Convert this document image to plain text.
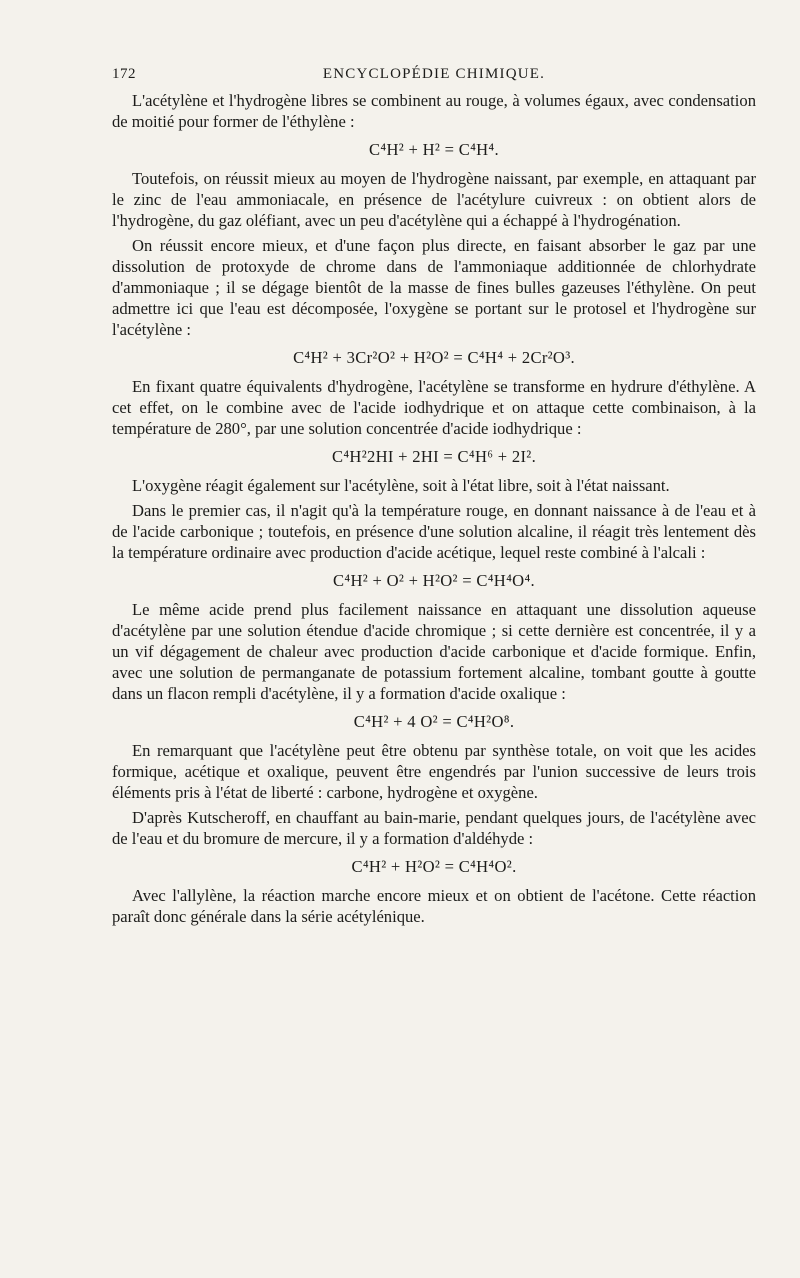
172	ENCYCLOPÉDIE CHIMIQUE.

L'acétylène et l'hydrogène libres se combinent au rouge, à volumes égaux, avec condensation de moitié pour former de l'éthylène :

C⁴H² + H² = C⁴H⁴.

Toutefois, on réussit mieux au moyen de l'hydrogène naissant, par exemple, en attaquant par le zinc de l'eau ammoniacale, en présence de l'acétylure cuivreux : on obtient alors de l'hydrogène, du gaz oléfiant, avec un peu d'acétylène qui a échappé à l'hydrogénation.

On réussit encore mieux, et d'une façon plus directe, en faisant absorber le gaz par une dissolution de protoxyde de chrome dans de l'ammoniaque additionnée de chlorhydrate d'ammoniaque ; il se dégage bientôt de la masse de fines bulles gazeuses l'éthylène. On peut admettre ici que l'eau est décomposée, l'oxygène se portant sur le protosel et l'hydrogène sur l'acétylène :

C⁴H² + 3Cr²O² + H²O² = C⁴H⁴ + 2Cr²O³.

En fixant quatre équivalents d'hydrogène, l'acétylène se transforme en hydrure d'éthylène. A cet effet, on le combine avec de l'acide iodhydrique et on attaque cette combinaison, à la température de 280°, par une solution concentrée d'acide iodhydrique :

C⁴H²2HI + 2HI = C⁴H⁶ + 2I².

L'oxygène réagit également sur l'acétylène, soit à l'état libre, soit à l'état naissant.

Dans le premier cas, il n'agit qu'à la température rouge, en donnant naissance à de l'eau et à de l'acide carbonique ; toutefois, en présence d'une solution alcaline, il réagit très lentement dès la température ordinaire avec production d'acide acétique, lequel reste combiné à l'alcali :

C⁴H² + O² + H²O² = C⁴H⁴O⁴.

Le même acide prend plus facilement naissance en attaquant une dissolution aqueuse d'acétylène par une solution étendue d'acide chromique ; si cette dernière est concentrée, il y a un vif dégagement de chaleur avec production d'acide carbonique et d'acide formique. Enfin, avec une solution de permanganate de potassium fortement alcaline, tombant goutte à goutte dans un flacon rempli d'acétylène, il y a formation d'acide oxalique :

C⁴H² + 4 O² = C⁴H²O⁸.

En remarquant que l'acétylène peut être obtenu par synthèse totale, on voit que les acides formique, acétique et oxalique, peuvent être engendrés par l'union successive de leurs trois éléments pris à l'état de liberté : carbone, hydrogène et oxygène.

D'après Kutscheroff, en chauffant au bain-marie, pendant quelques jours, de l'acétylène avec de l'eau et du bromure de mercure, il y a formation d'aldéhyde :

C⁴H² + H²O² = C⁴H⁴O².

Avec l'allylène, la réaction marche encore mieux et on obtient de l'acétone. Cette réaction paraît donc générale dans la série acétylénique.
